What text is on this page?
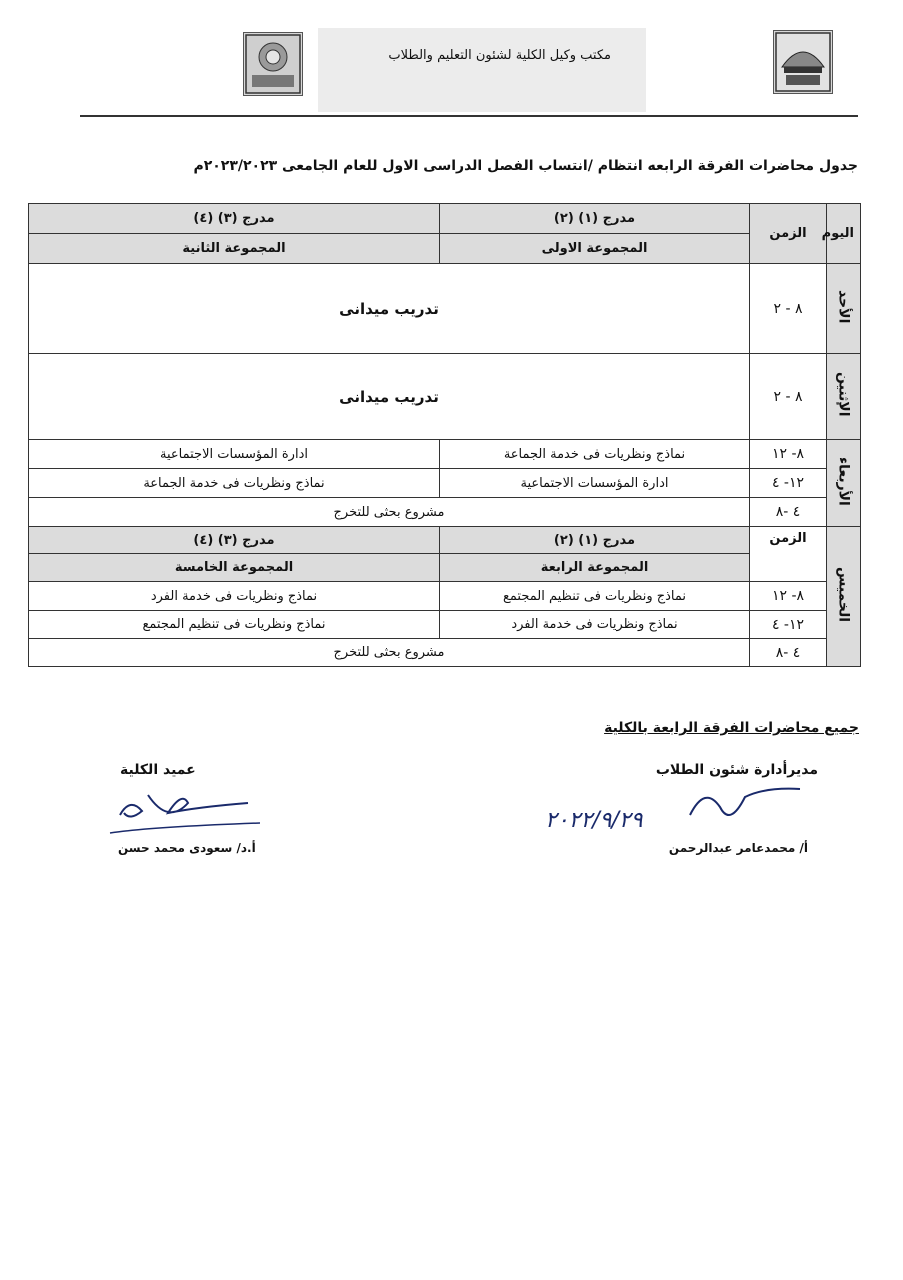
مكتب وكيل الكلية لشئون التعليم والطلاب
جدول محاضرات الفرقة الرابعه انتظام /انتساب الفصل الدراسى الاول للعام الجامعى ٢٠٢٣/٢٠٢٣م
اليوم	الزمن	مدرج (١) (٢)	مدرج (٣) (٤)
		المجموعة الاولى	المجموعة الثانية
الأحد	٨ - ٢	تدريب ميدانى	
الإثنين	٨ - ٢	تدريب ميدانى	
الأربعاء	٨- ١٢	نماذج ونظريات فى خدمة الجماعة	ادارة المؤسسات الاجتماعية
	١٢- ٤	ادارة المؤسسات الاجتماعية	نماذج ونظريات فى خدمة الجماعة
	٤ -٨	مشروع بحثى للتخرج	
الخميس	الزمن	مدرج (١) (٢)	مدرج (٣) (٤)
		المجموعة الرابعة	المجموعة الخامسة
	٨- ١٢	نماذج ونظريات فى تنظيم المجتمع	نماذج ونظريات فى خدمة الفرد
	١٢- ٤	نماذج ونظريات فى خدمة الفرد	نماذج ونظريات فى تنظيم المجتمع
	٤ -٨	مشروع بحثى للتخرج	
جميع محاضرات الفرقة الرابعة بالكلية
عميد الكلية	مديرأدارة شئون الطلاب
أ.د/ سعودى محمد حسن
٢٠٢٢/٩/٢٩
أ/ محمدعامر عبدالرحمن
